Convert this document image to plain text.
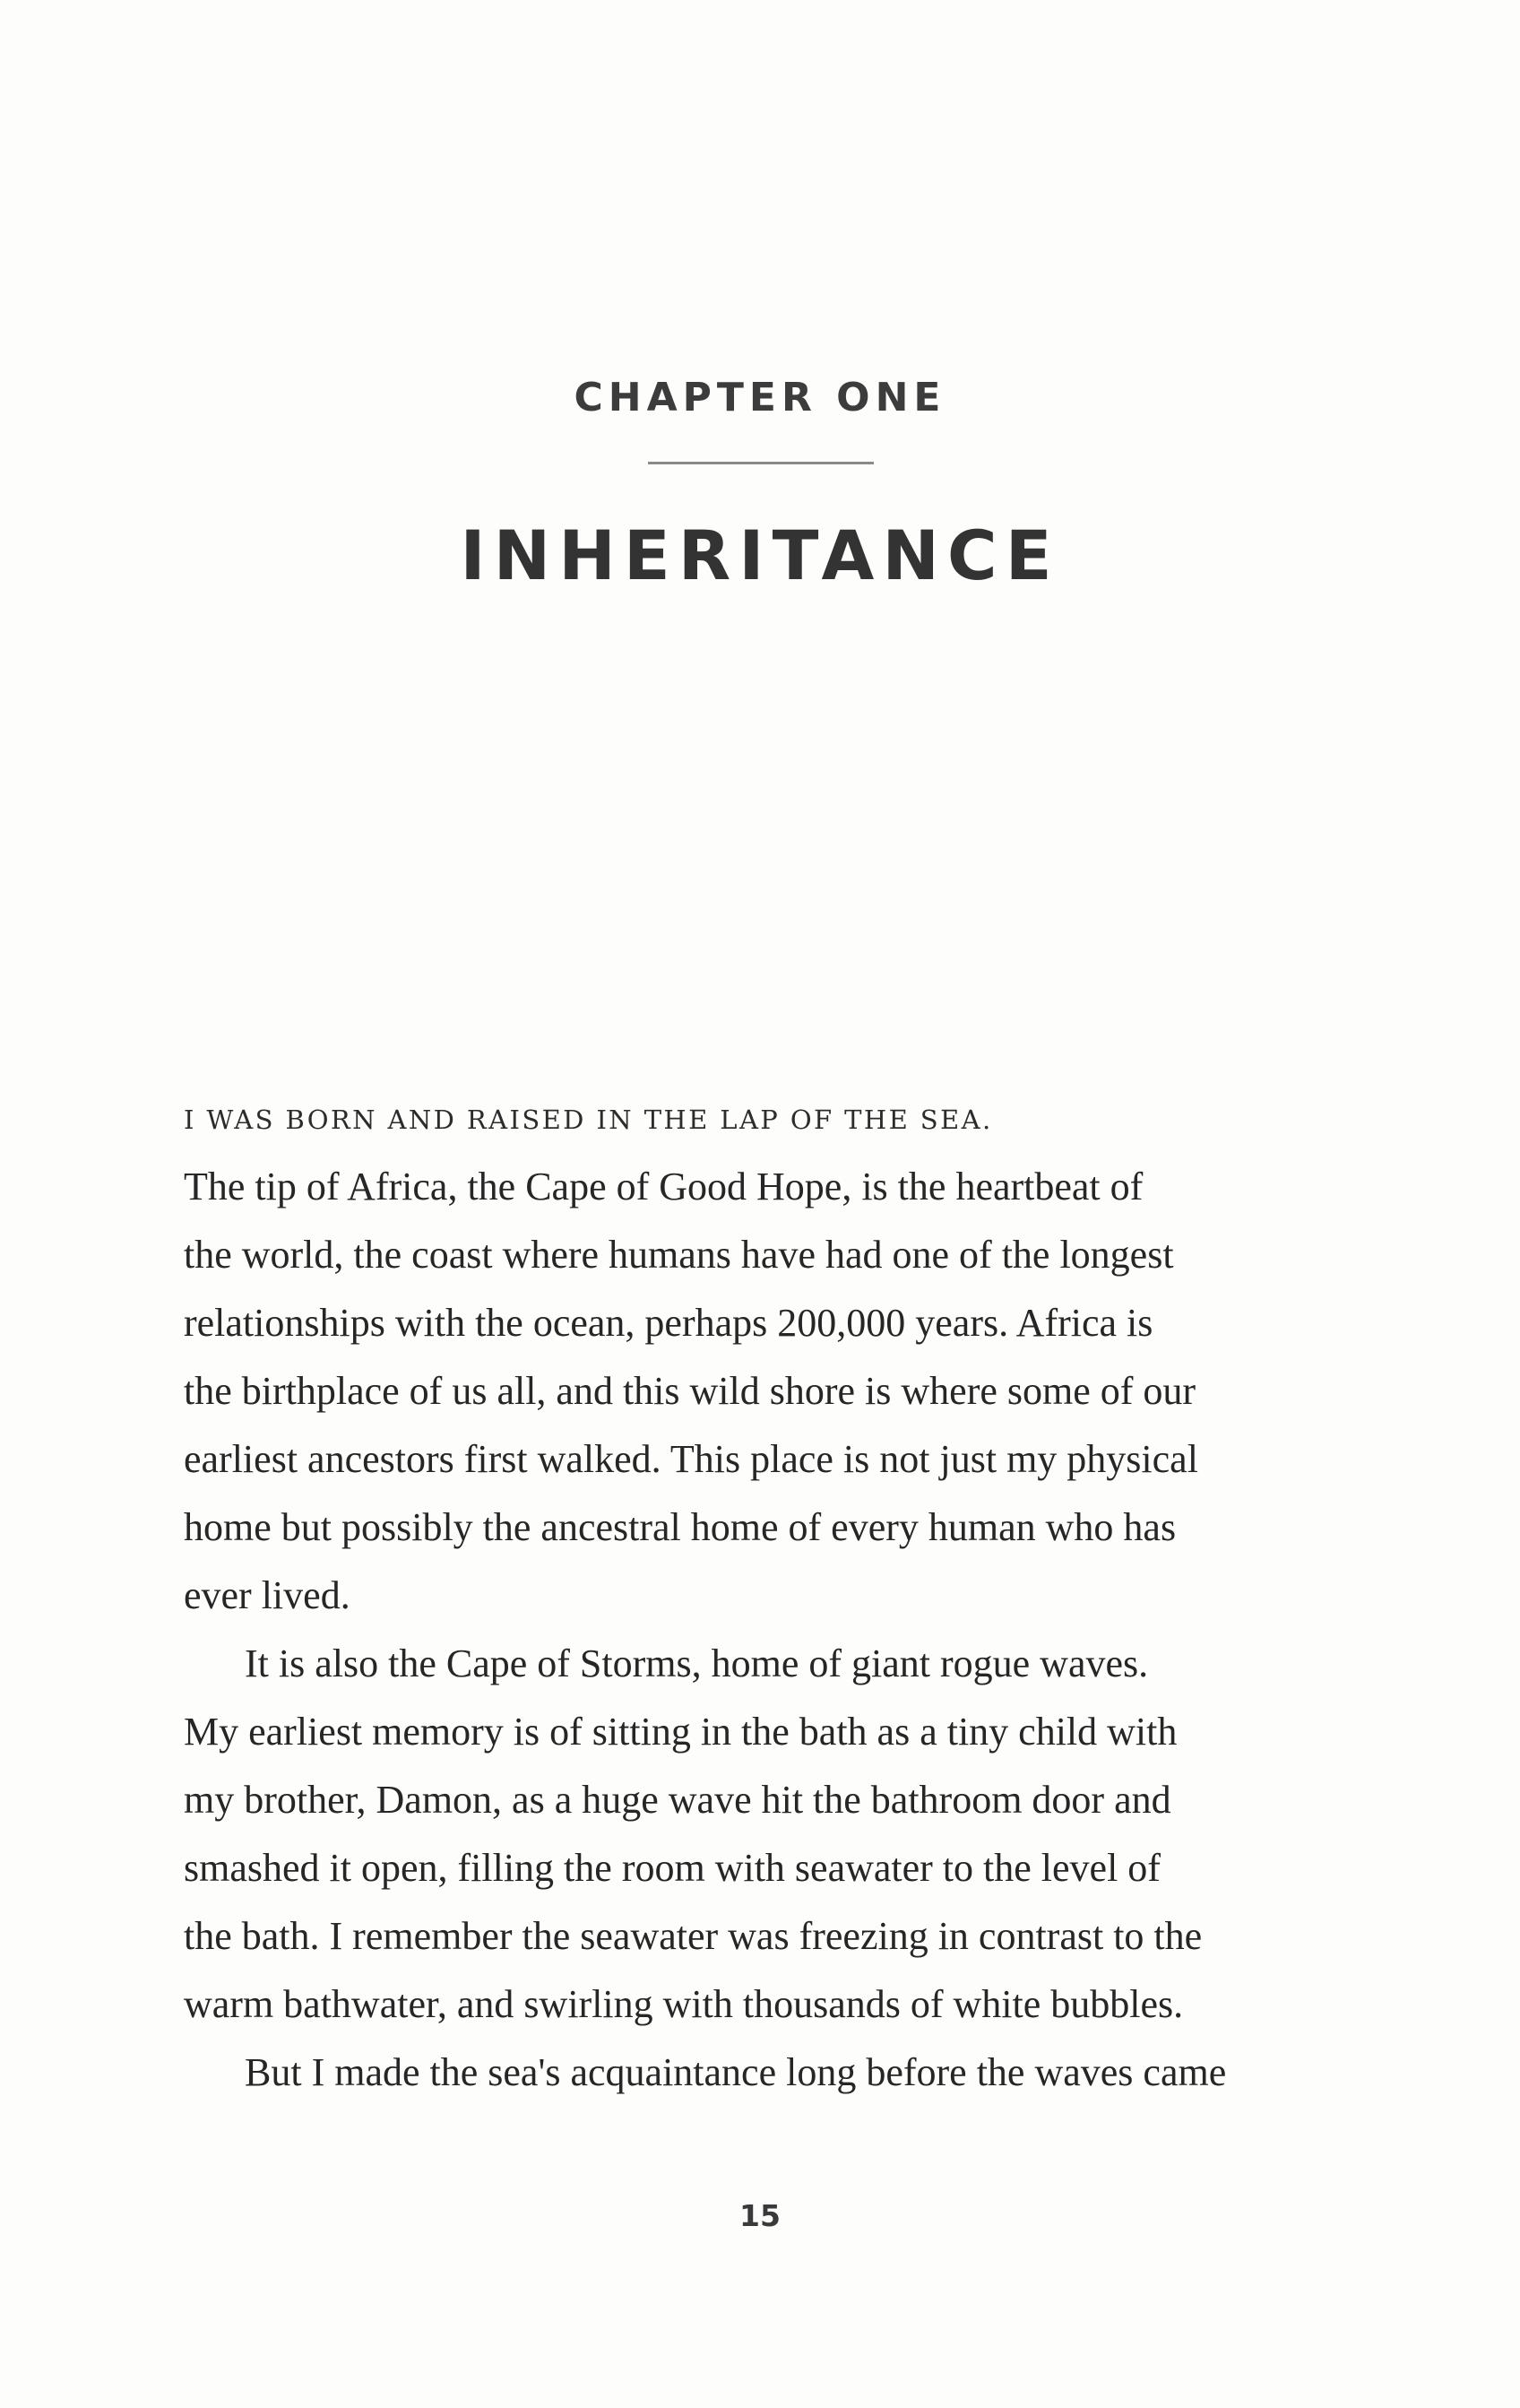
CHAPTER ONE
INHERITANCE
I WAS BORN AND RAISED IN THE LAP OF THE SEA.
The tip of Africa, the Cape of Good Hope, is the heartbeat of
the world, the coast where humans have had one of the longest
relationships with the ocean, perhaps 200,000 years. Africa is
the birthplace of us all, and this wild shore is where some of our
earliest ancestors first walked. This place is not just my physical
home but possibly the ancestral home of every human who has
ever lived.
It is also the Cape of Storms, home of giant rogue waves.
My earliest memory is of sitting in the bath as a tiny child with
my brother, Damon, as a huge wave hit the bathroom door and
smashed it open, filling the room with seawater to the level of
the bath. I remember the seawater was freezing in contrast to the
warm bathwater, and swirling with thousands of white bubbles.
But I made the sea's acquaintance long before the waves came
15
